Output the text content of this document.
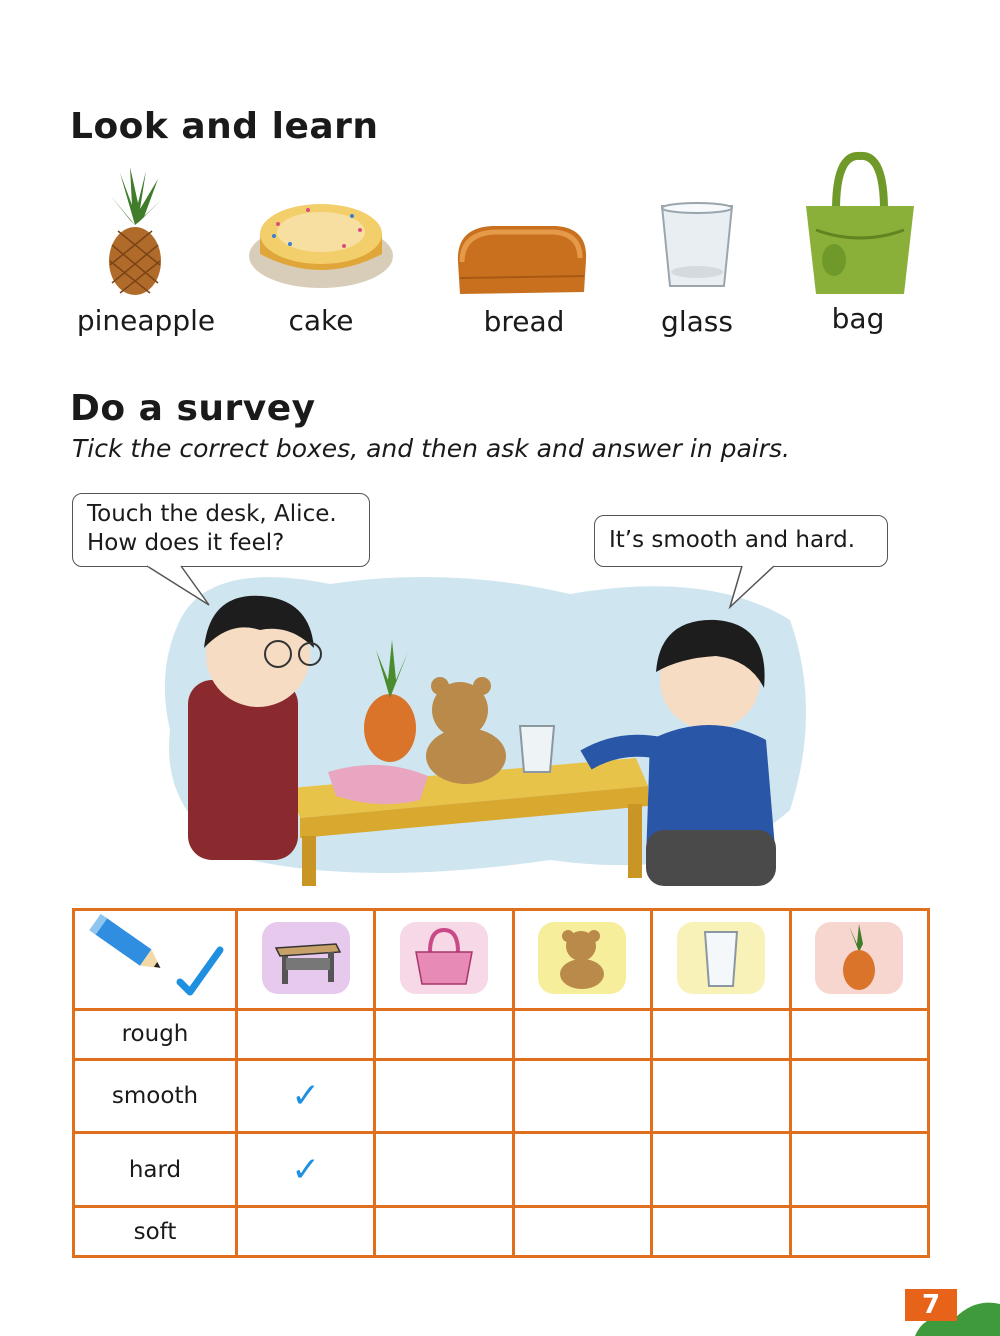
Look and learn
pineapple	cake	bread	glass	bag
Do a survey
Tick the correct boxes, and then ask and answer in pairs.
Touch the desk, Alice.
How does it feel?	It’s smooth and hard.

rough					
smooth	✓				
hard	✓				
soft					
7
